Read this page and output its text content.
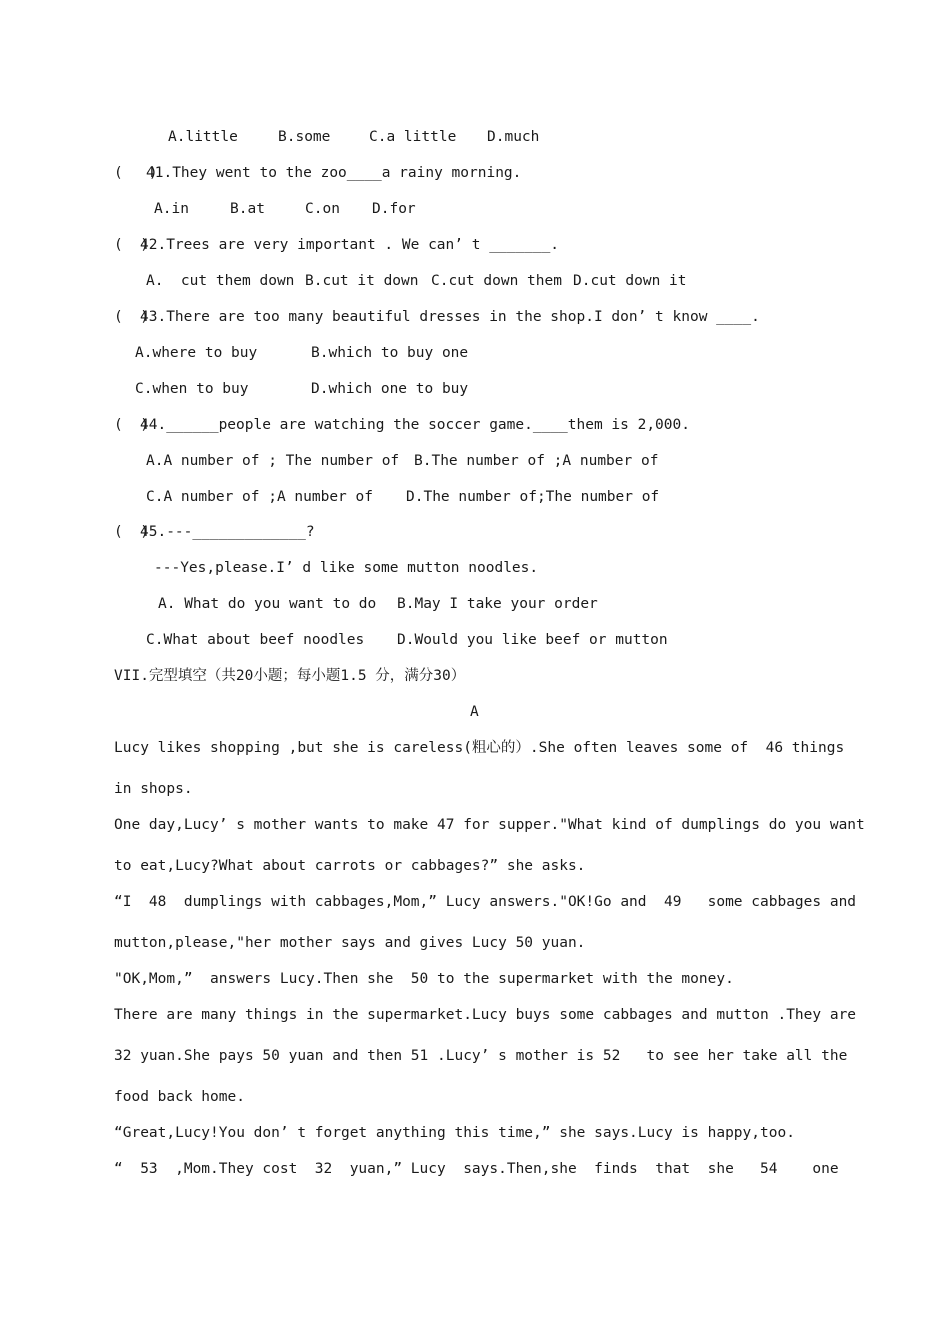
A.little	B.some	C.a little D.much
(   )
41.They went to the zoo____a rainy morning.
A.in	B.at	C.on D.for
(  )
42.Trees are very important . We can’ t _______.
A.  cut them down B.cut it down C.cut down them D.cut down it
(  )
43.There are too many beautiful dresses in the shop.I don’ t know ____.
A.where to buy	B.which to buy one
C.when to buy	D.which one to buy
(  )
44.______people are watching the soccer game.____them is 2,000.
A.A number of ; The number of B.The number of ;A number of
C.A number of ;A number of D.The number of;The number of
(  )
45.---_____________?
---Yes,please.I’ d like some mutton noodles.
A. What do you want to do B.May I take your order
C.What about beef noodles D.Would you like beef or mutton
VII.完型填空（共20小题；每小题1.5 分，满分30）
A
Lucy likes shopping ,but she is careless(粗心的）.She often leaves some of  46 things
in shops.
One day,Lucy’ s mother wants to make 47 for supper."What kind of dumplings do you want
to eat,Lucy?What about carrots or cabbages?” she asks.
“I  48  dumplings with cabbages,Mom,” Lucy answers."OK!Go and  49   some cabbages and
mutton,please,"her mother says and gives Lucy 50 yuan.
"OK,Mom,”  answers Lucy.Then she  50 to the supermarket with the money.
There are many things in the supermarket.Lucy buys some cabbages and mutton .They are
32 yuan.She pays 50 yuan and then 51 .Lucy’ s mother is 52   to see her take all the
food back home.
“Great,Lucy!You don’ t forget anything this time,” she says.Lucy is happy,too.
“  53  ,Mom.They cost  32  yuan,” Lucy  says.Then,she  finds  that  she   54    one
